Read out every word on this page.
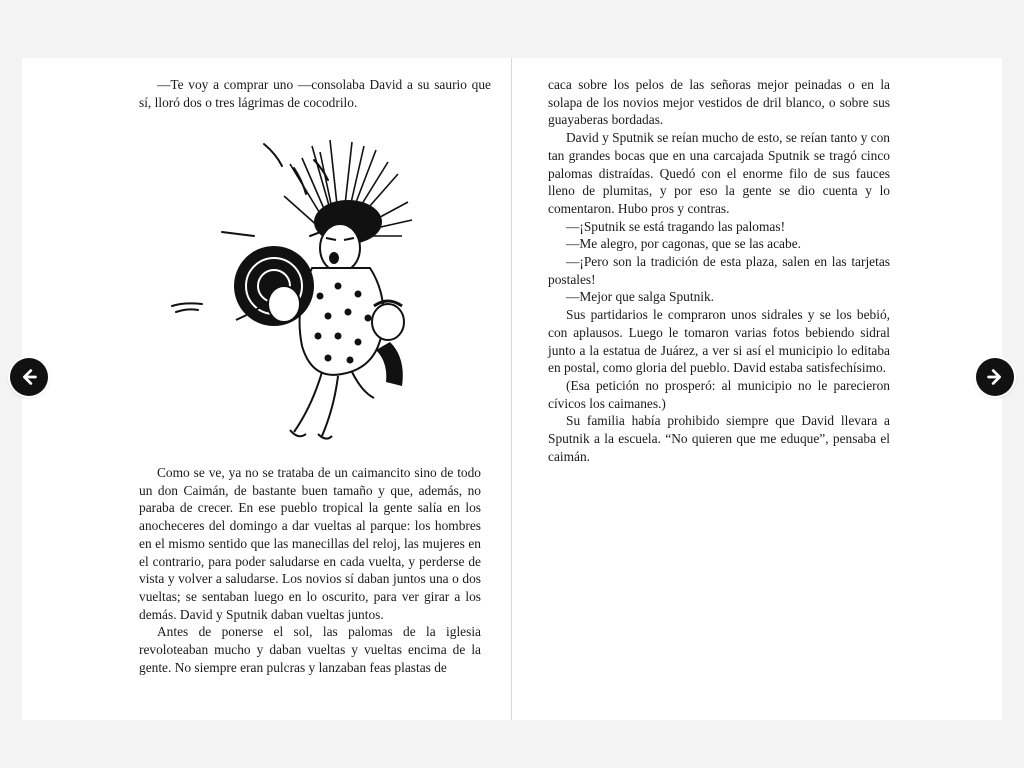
—Te voy a comprar uno —consolaba David a su saurio que sí, lloró dos o tres lágrimas de cocodrilo.

Como se ve, ya no se trataba de un caimancito sino de todo un don Caimán, de bastante buen tamaño y que, además, no paraba de crecer. En ese pueblo tropical la gente salía en los anocheceres del domingo a dar vueltas al parque: los hombres en el mismo sentido que las manecillas del reloj, las mujeres en el contrario, para poder saludarse en cada vuelta, y perderse de vista y volver a saludarse. Los novios sí daban juntos una o dos vueltas; se sentaban luego en lo oscurito, para ver girar a los demás. David y Sputnik daban vueltas juntos.

Antes de ponerse el sol, las palomas de la iglesia revoloteaban mucho y daban vueltas y vueltas encima de la gente. No siempre eran pulcras y lanzaban feas plastas de

caca sobre los pelos de las señoras mejor peinadas o en la solapa de los novios mejor vestidos de dril blanco, o sobre sus guayaberas bordadas.

David y Sputnik se reían mucho de esto, se reían tanto y con tan grandes bocas que en una carcajada Sputnik se tragó cinco palomas distraídas. Quedó con el enorme filo de sus fauces lleno de plumitas, y por eso la gente se dio cuenta y lo comentaron. Hubo pros y contras.

—¡Sputnik se está tragando las palomas!

—Me alegro, por cagonas, que se las acabe.

—¡Pero son la tradición de esta plaza, salen en las tarjetas postales!

—Mejor que salga Sputnik.

Sus partidarios le compraron unos sidrales y se los bebió, con aplausos. Luego le tomaron varias fotos bebiendo sidral junto a la estatua de Juárez, a ver si así el municipio lo editaba en postal, como gloria del pueblo. David estaba satisfechísimo.

(Esa petición no prosperó: al municipio no le parecieron cívicos los caimanes.)

Su familia había prohibido siempre que David llevara a Sputnik a la escuela. “No quieren que me eduque”, pensaba el caimán.
